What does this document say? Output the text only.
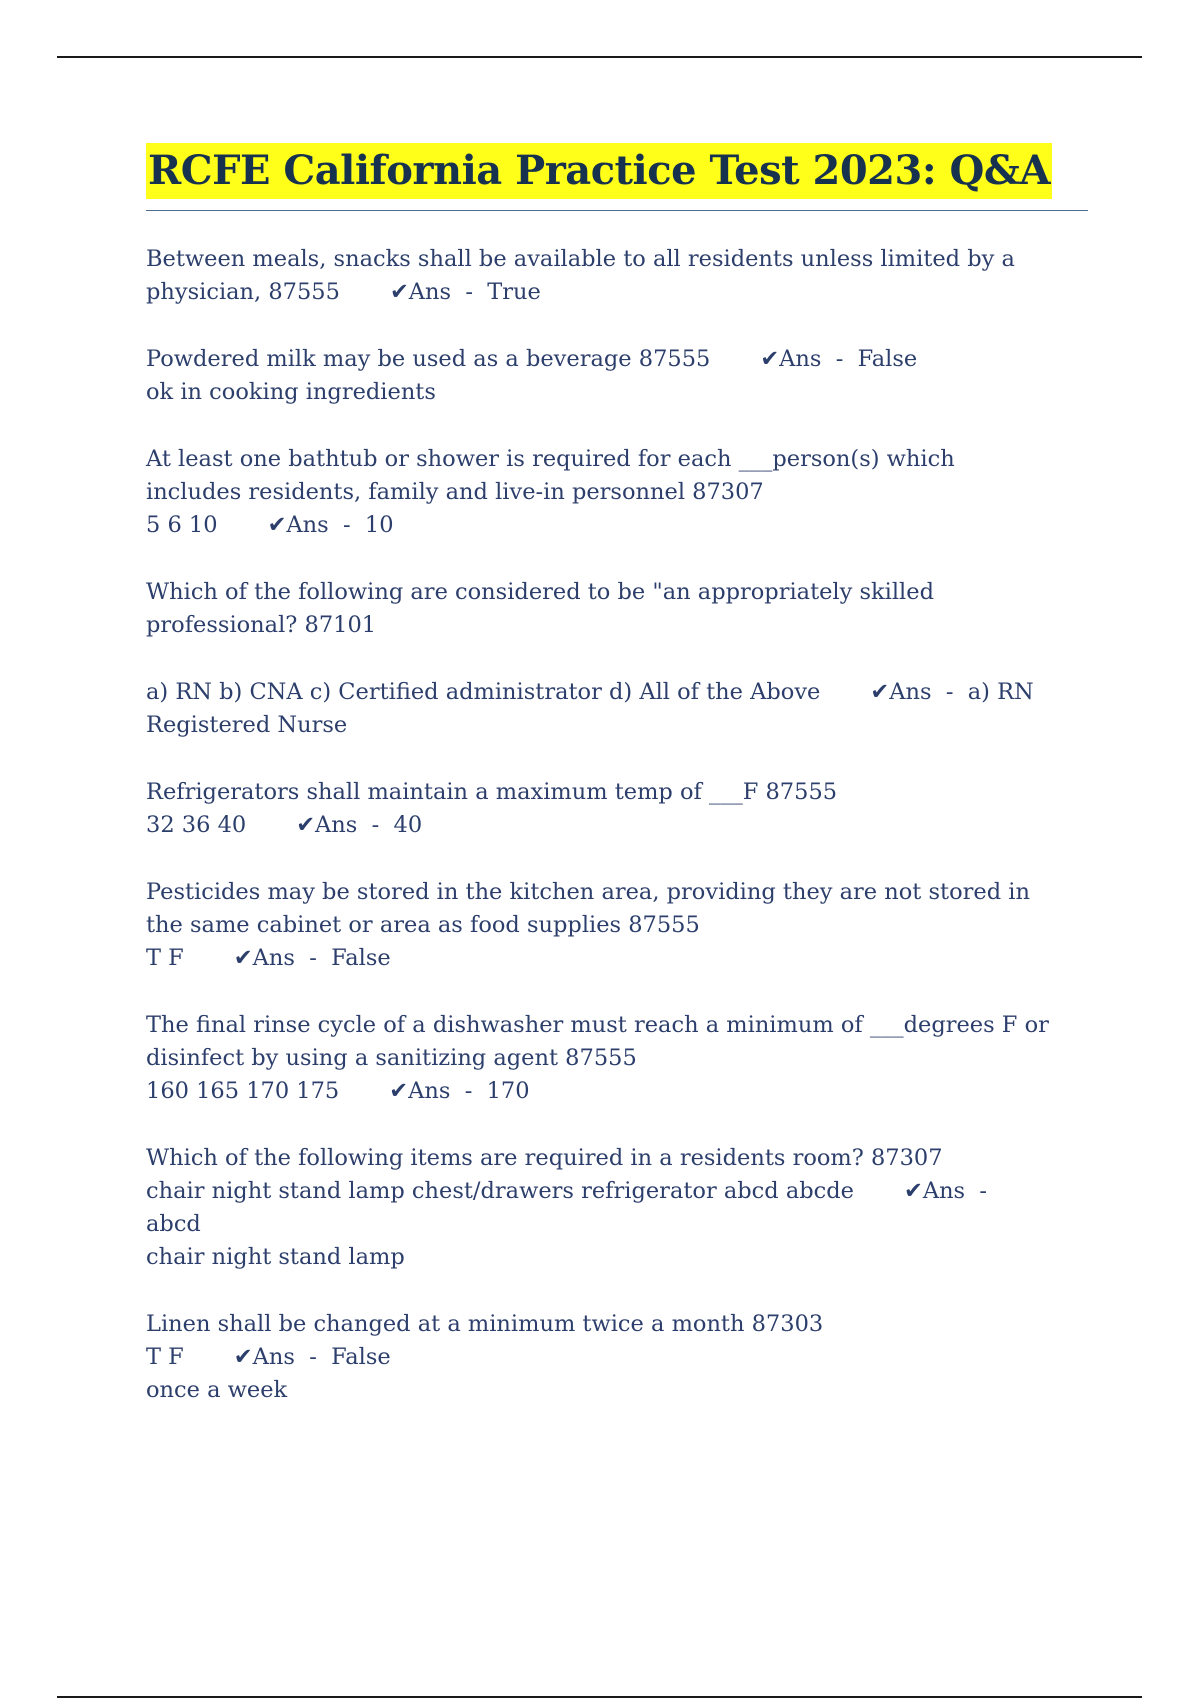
RCFE California Practice Test 2023: Q&A
Between meals, snacks shall be available to all residents unless limited by a
physician, 87555 ✔Ans  -  True
Powdered milk may be used as a beverage 87555 ✔Ans  -  False
ok in cooking ingredients
At least one bathtub or shower is required for each ___person(s) which
includes residents, family and live-in personnel 87307
5 6 10 ✔Ans  -  10
Which of the following are considered to be "an appropriately skilled
professional? 87101
a) RN b) CNA c) Certified administrator d) All of the Above ✔Ans  -  a) RN
Registered Nurse
Refrigerators shall maintain a maximum temp of ___F 87555
32 36 40 ✔Ans  -  40
Pesticides may be stored in the kitchen area, providing they are not stored in
the same cabinet or area as food supplies 87555
T F ✔Ans  -  False
The final rinse cycle of a dishwasher must reach a minimum of ___degrees F or
disinfect by using a sanitizing agent 87555
160 165 170 175 ✔Ans  -  170
Which of the following items are required in a residents room? 87307
chair night stand lamp chest/drawers refrigerator abcd abcde ✔Ans  -
abcd
chair night stand lamp
Linen shall be changed at a minimum twice a month 87303
T F ✔Ans  -  False
once a week
